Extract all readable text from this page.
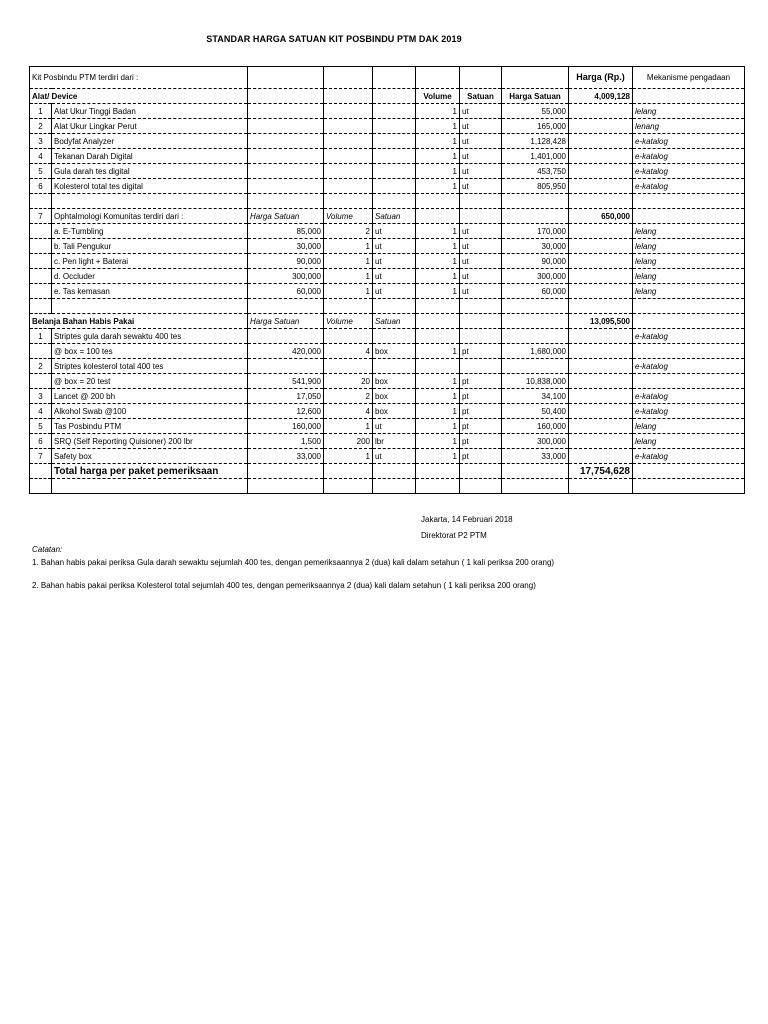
STANDAR HARGA SATUAN KIT POSBINDU PTM DAK 2019
Kit Posbindu PTM terdiri dari :								Harga (Rp.)	Mekanisme pengadaan
Alat/ Device					Volume	Satuan	Harga Satuan	4,009,128	
1	Alat Ukur Tinggi Badan				1	ut	55,000		lelang
2	Alat Ukur Lingkar Perut				1	ut	165,000		lenang
3	Bodyfat Analyzer				1	ut	1,128,428		e-katalog
4	Tekanan Darah Digital				1	ut	1,401,000		e-katalog
5	Gula darah tes digital				1	ut	453,750		e-katalog
6	Kolesterol total tes digital				1	ut	805,950		e-katalog

7	Ophtalmologi Komunitas terdiri dari :	Harga Satuan	Volume	Satuan				650,000	
	a. E-Tumbling	85,000	2	ut	1	ut	170,000		lelang
	b. Tali Pengukur	30,000	1	ut	1	ut	30,000		lelang
	c. Pen light + Baterai	90,000	1	ut	1	ut	90,000		lelang
	d. Occluder	300,000	1	ut	1	ut	300,000		lelang
	e. Tas kemasan	60,000	1	ut	1	ut	60,000		lelang

Belanja Bahan Habis Pakai		Harga Satuan	Volume	Satuan				13,095,500	
1	Striptes gula darah sewaktu 400 tes								e-katalog
	@ box = 100 tes	420,000	4	box	1	pt	1,680,000		
2	Striptes kolesterol total 400 tes								e-katalog
	@ box = 20 test	541,900	20	box	1	pt	10,838,000		
3	Lancet @ 200 bh	17,050	2	box	1	pt	34,100		e-katalog
4	Alkohol Swab @100	12,600	4	box	1	pt	50,400		e-katalog
5	Tas Posbindu PTM	160,000	1	ut	1	pt	160,000		lelang
6	SRQ (Self Reporting Quisioner) 200 lbr	1,500	200	lbr	1	pt	300,000		lelang
7	Safety box	33,000	1	ut	1	pt	33,000		e-katalog
	Total harga per paket pemeriksaan							17,754,628	

Jakarta, 14 Februari 2018
Direktorat P2 PTM

Catatan:

1. Bahan habis pakai periksa Gula darah sewaktu sejumlah 400 tes, dengan pemeriksaannya 2 (dua) kali dalam setahun ( 1 kali periksa 200 orang)

2. Bahan habis pakai periksa Kolesterol total sejumlah 400 tes, dengan pemeriksaannya 2 (dua) kali dalam setahun ( 1 kali periksa 200 orang)
